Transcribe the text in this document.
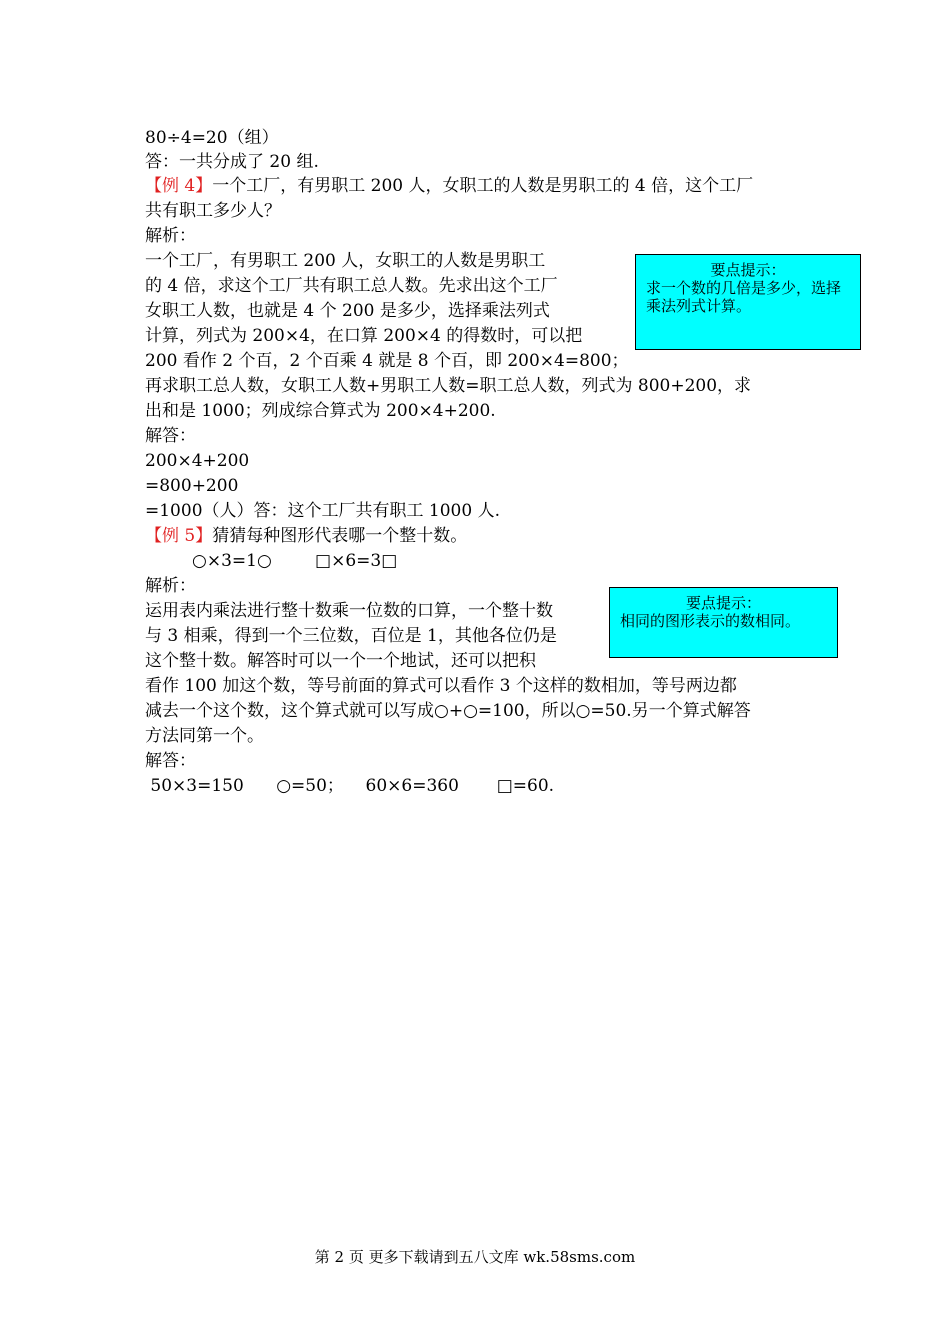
80÷4=20（组）
答：一共分成了 20 组.
【例 4】一个工厂，有男职工 200 人，女职工的人数是男职工的 4 倍，这个工厂
共有职工多少人？
解析：
一个工厂，有男职工 200 人，女职工的人数是男职工
的 4 倍，求这个工厂共有职工总人数。先求出这个工厂
女职工人数，也就是 4 个 200 是多少，选择乘法列式
计算，列式为 200×4，在口算 200×4 的得数时，可以把
200 看作 2 个百，2 个百乘 4 就是 8 个百，即 200×4=800；
再求职工总人数，女职工人数+男职工人数=职工总人数，列式为 800+200，求
出和是 1000；列成综合算式为 200×4+200.
解答：
200×4+200
=800+200
=1000（人）答：这个工厂共有职工 1000 人.
【例 5】猜猜每种图形代表哪一个整十数。
○×3=1○        □×6=3□
解析：
运用表内乘法进行整十数乘一位数的口算，一个整十数
与 3 相乘，得到一个三位数，百位是 1，其他各位仍是
这个整十数。解答时可以一个一个地试，还可以把积
看作 100 加这个数，等号前面的算式可以看作 3 个这样的数相加，等号两边都
减去一个这个数，这个算式就可以写成○+○=100，所以○=50.另一个算式解答
方法同第一个。
解答：
50×3=150      ○=50；    60×6=360       □=60.
要点提示：
求一个数的几倍是多少，选择乘法列式计算。
要点提示：
相同的图形表示的数相同。
第 2 页 更多下载请到五八文库 wk.58sms.com
